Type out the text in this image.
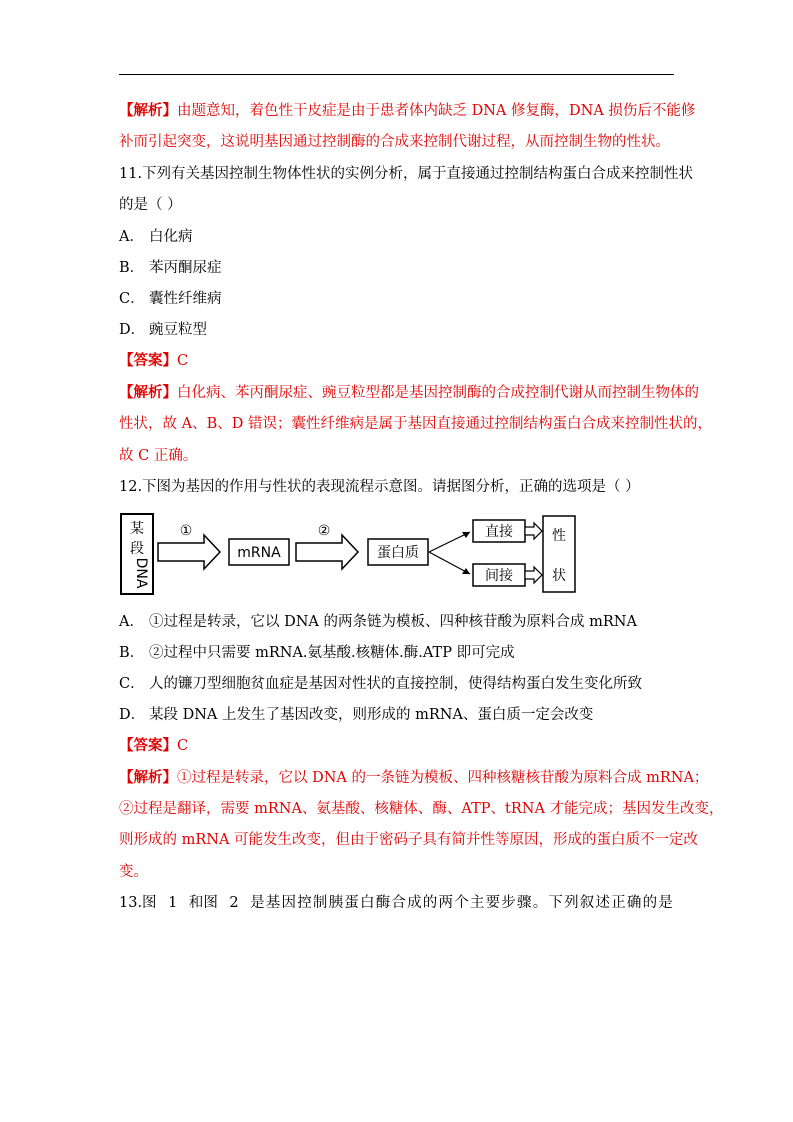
【解析】由题意知，着色性干皮症是由于患者体内缺乏 DNA 修复酶，DNA 损伤后不能修
补而引起突变，这说明基因通过控制酶的合成来控制代谢过程，从而控制生物的性状。
11.下列有关基因控制生物体性状的实例分析，属于直接通过控制结构蛋白合成来控制性状
的是（ ）
A． 白化病
B． 苯丙酮尿症
C． 囊性纤维病
D． 豌豆粒型
【答案】C
【解析】白化病、苯丙酮尿症、豌豆粒型都是基因控制酶的合成控制代谢从而控制生物体的
性状，故 A、B、D 错误；囊性纤维病是属于基因直接通过控制结构蛋白合成来控制性状的，
故 C 正确。
12.下图为基因的作用与性状的表现流程示意图。请据图分析，正确的选项是（ ）
某
段
DNA
①
mRNA
②
蛋白质
直接
间接
性
状
A． ①过程是转录，它以 DNA 的两条链为模板、四种核苷酸为原料合成 mRNA
B． ②过程中只需要 mRNA.氨基酸.核糖体.酶.ATP 即可完成
C． 人的镰刀型细胞贫血症是基因对性状的直接控制，使得结构蛋白发生变化所致
D． 某段 DNA 上发生了基因改变，则形成的 mRNA、蛋白质一定会改变
【答案】C
【解析】①过程是转录，它以 DNA 的一条链为模板、四种核糖核苷酸为原料合成 mRNA；
②过程是翻译，需要 mRNA、氨基酸、核糖体、酶、ATP、tRNA 才能完成；基因发生改变，
则形成的 mRNA 可能发生改变，但由于密码子具有简并性等原因，形成的蛋白质不一定改
变。
13.图 1 和图 2 是基因控制胰蛋白酶合成的两个主要步骤。下列叙述正确的是
